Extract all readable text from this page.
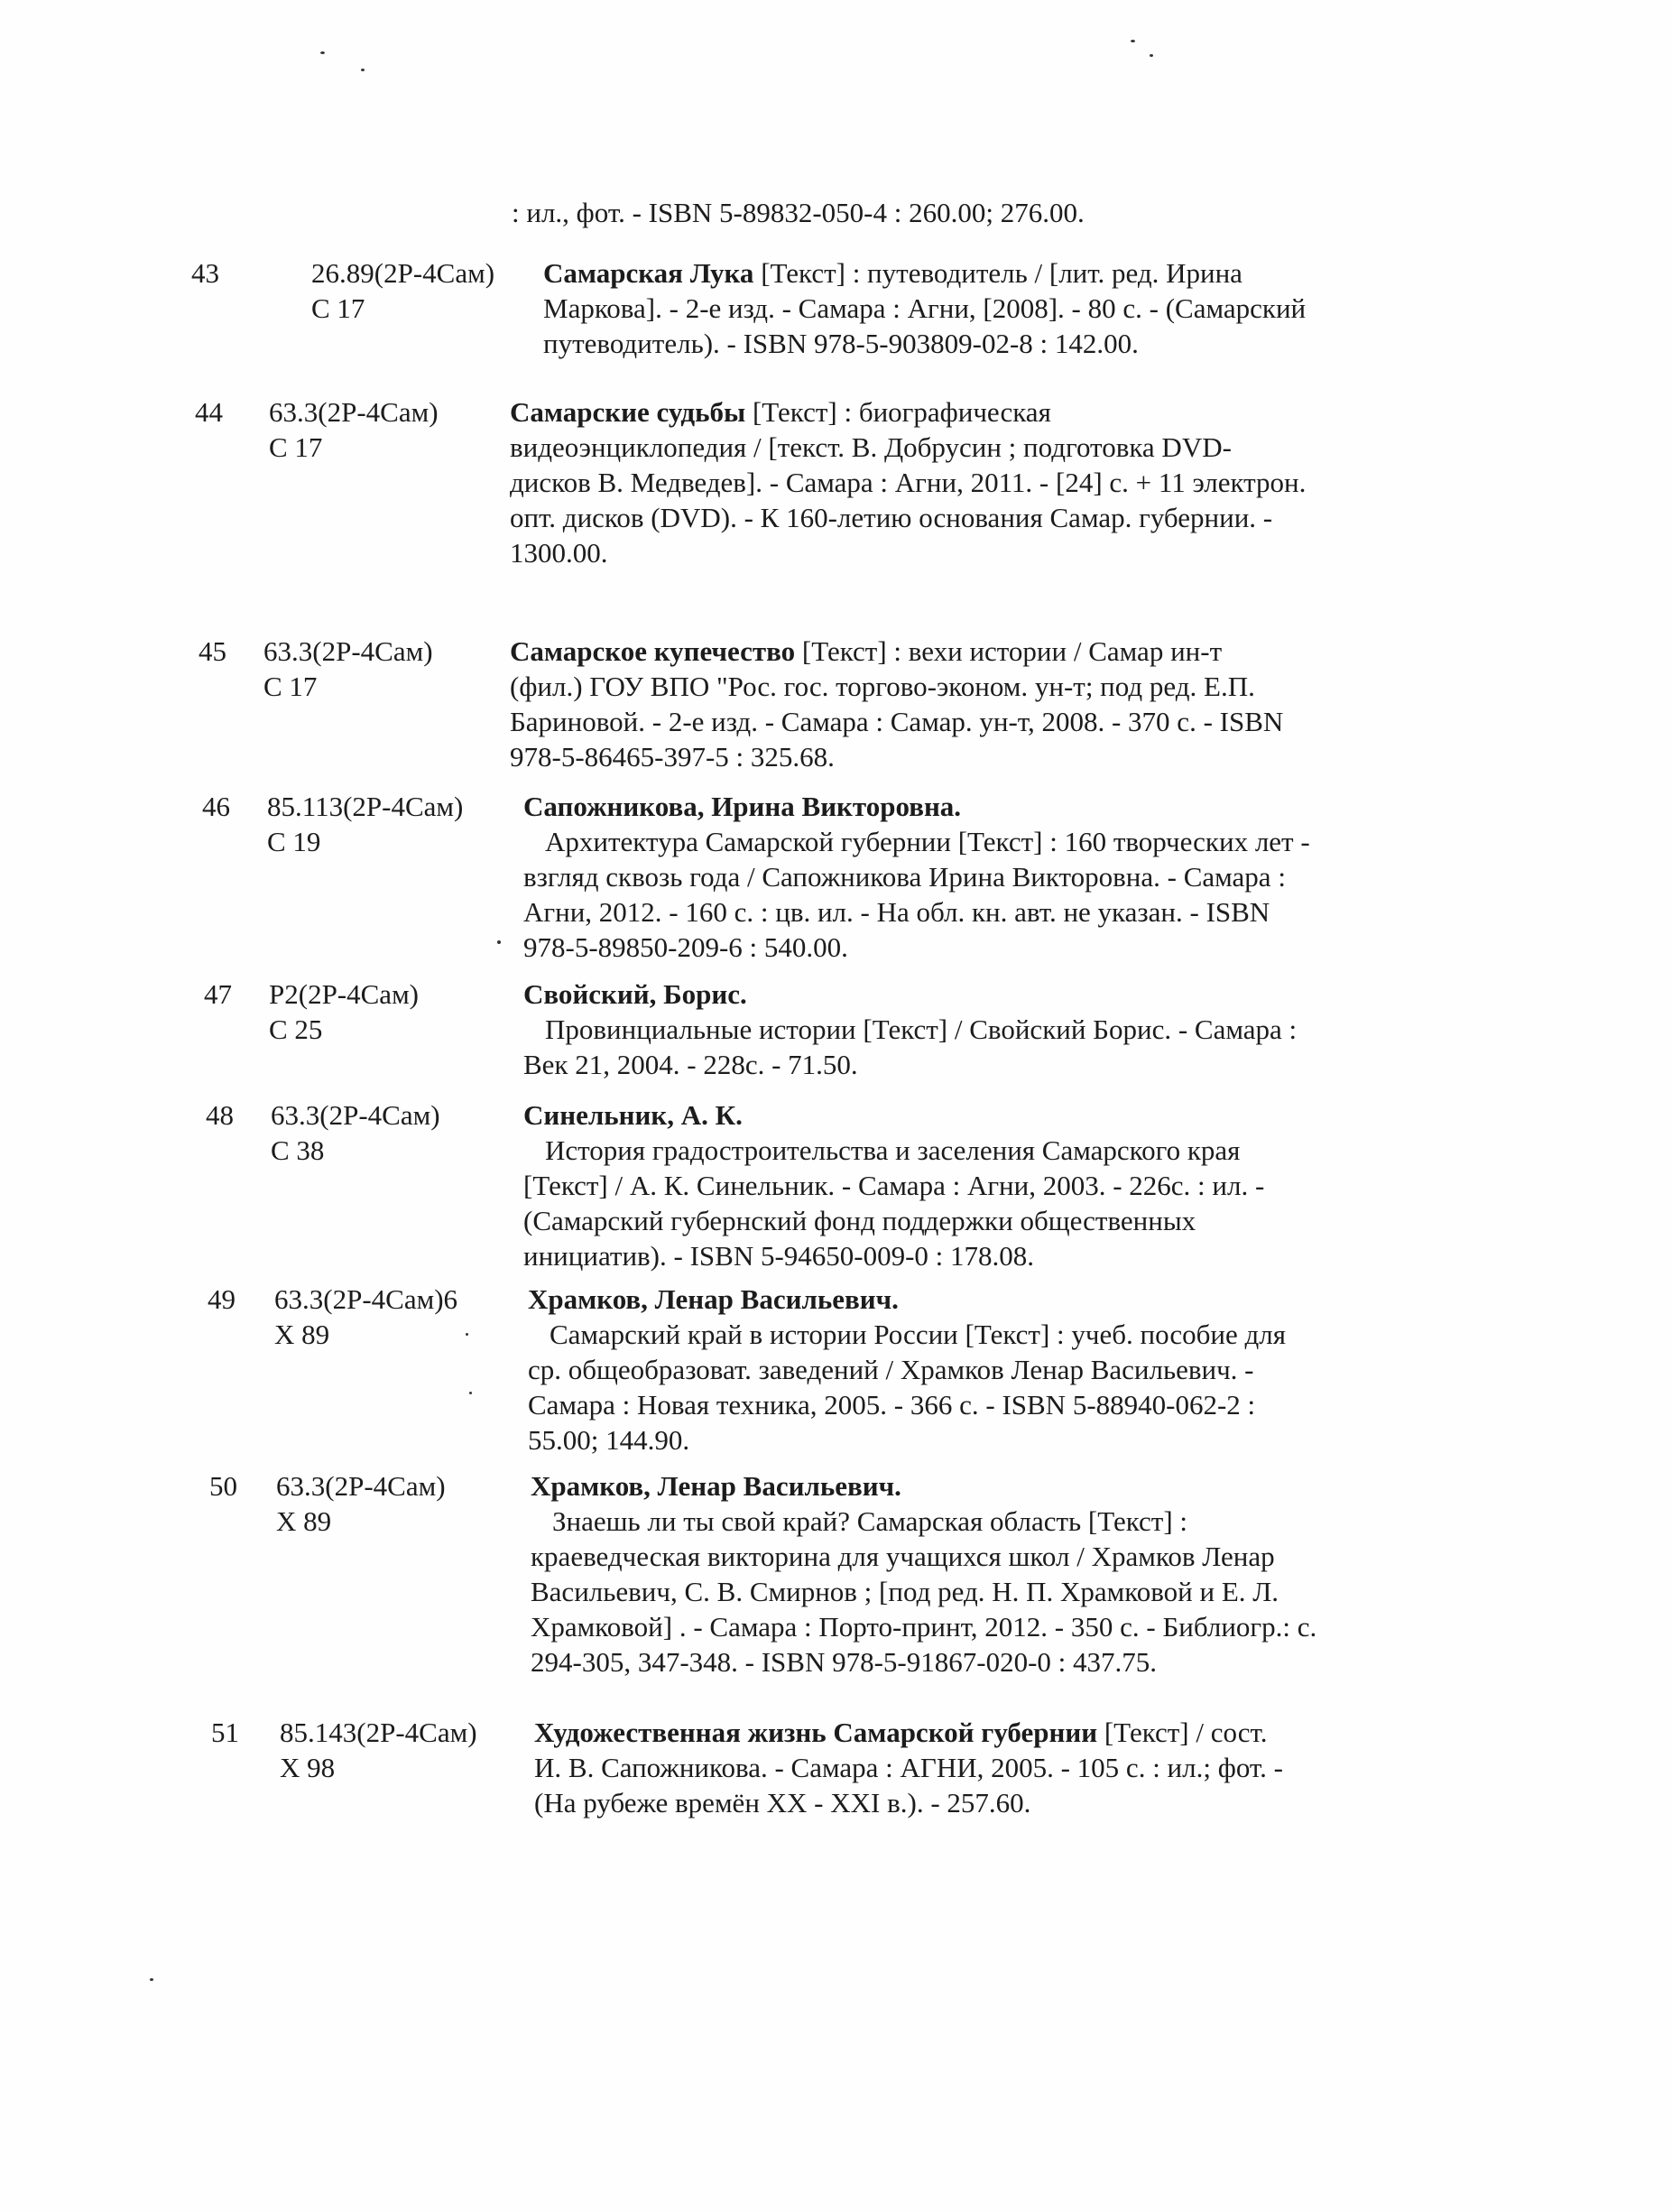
: ил., фот. - ISBN 5-89832-050-4 : 260.00; 276.00.
43	26.89(2Р-4Сам)
С 17
Самарская Лука [Текст] : путеводитель / [лит. ред. Ирина
Маркова]. - 2-е изд. - Самара : Агни, [2008]. - 80 с. - (Самарский
путеводитель). - ISBN 978-5-903809-02-8 : 142.00.
44 63.3(2Р-4Сам)
С 17
Самарские судьбы [Текст] : биографическая
видеоэнциклопедия / [текст. В. Добрусин ; подготовка DVD-
дисков В. Медведев]. - Самара : Агни, 2011. - [24] с. + 11 электрон.
опт. дисков (DVD). - К 160-летию основания Самар. губернии. -
1300.00.
45 63.3(2Р-4Сам)
С 17
Самарское купечество [Текст] : вехи истории / Самар ин-т
(фил.) ГОУ ВПО "Рос. гос. торгово-эконом. ун-т; под ред. Е.П.
Бариновой. - 2-е изд. - Самара : Самар. ун-т, 2008. - 370 с. - ISBN
978-5-86465-397-5 : 325.68.
46 85.113(2Р-4Сам)
С 19
Сапожникова, Ирина Викторовна.
Архитектура Самарской губернии [Текст] : 160 творческих лет -
взгляд сквозь года / Сапожникова Ирина Викторовна. - Самара :
Агни, 2012. - 160 с. : цв. ил. - На обл. кн. авт. не указан. - ISBN
978-5-89850-209-6 : 540.00.
47 Р2(2Р-4Сам)
С 25
Свойский, Борис.
Провинциальные истории [Текст] / Свойский Борис. - Самара :
Век 21, 2004. - 228с. - 71.50.
48 63.3(2Р-4Сам)
С 38
Синельник, А. К.
История градостроительства и заселения Самарского края
[Текст] / А. К. Синельник. - Самара : Агни, 2003. - 226с. : ил. -
(Самарский губернский фонд поддержки общественных
инициатив). - ISBN 5-94650-009-0 : 178.08.
49 63.3(2Р-4Сам)6
Х 89
Храмков, Ленар Васильевич.
Самарский край в истории России [Текст] : учеб. пособие для
ср. общеобразоват. заведений / Храмков Ленар Васильевич. -
Самара : Новая техника, 2005. - 366 с. - ISBN 5-88940-062-2 :
55.00; 144.90.
50 63.3(2Р-4Сам)
Х 89
Храмков, Ленар Васильевич.
Знаешь ли ты свой край? Самарская область [Текст] :
краеведческая викторина для учащихся школ / Храмков Ленар
Васильевич, С. В. Смирнов ; [под ред. Н. П. Храмковой и Е. Л.
Храмковой] . - Самара : Порто-принт, 2012. - 350 с. - Библиогр.: с.
294-305, 347-348. - ISBN 978-5-91867-020-0 : 437.75.
51 85.143(2Р-4Сам)
Х 98
Художественная жизнь Самарской губернии [Текст] / сост.
И. В. Сапожникова. - Самара : АГНИ, 2005. - 105 с. : ил.; фот. -
(На рубеже времён XX - XXI в.). - 257.60.
